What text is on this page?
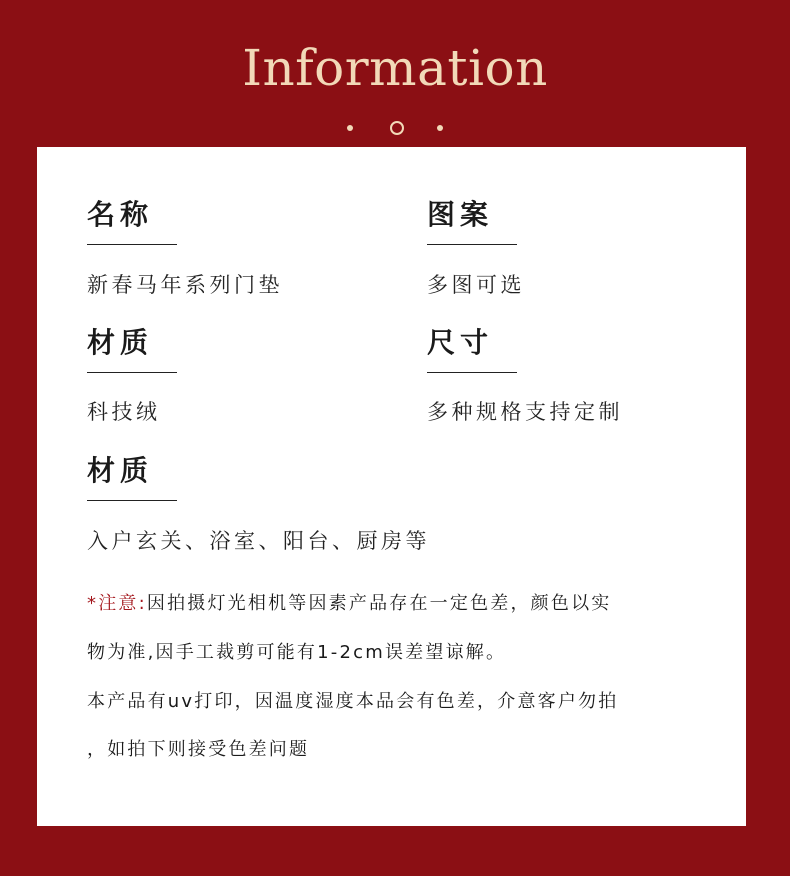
Information
名称
新春马年系列门垫
图案
多图可选
材质
科技绒
尺寸
多种规格支持定制
材质
入户玄关、浴室、阳台、厨房等
*注意:因拍摄灯光相机等因素产品存在一定色差，颜色以实
物为准,因手工裁剪可能有1-2cm误差望谅解。
本产品有uv打印，因温度湿度本品会有色差，介意客户勿拍
，如拍下则接受色差问题
